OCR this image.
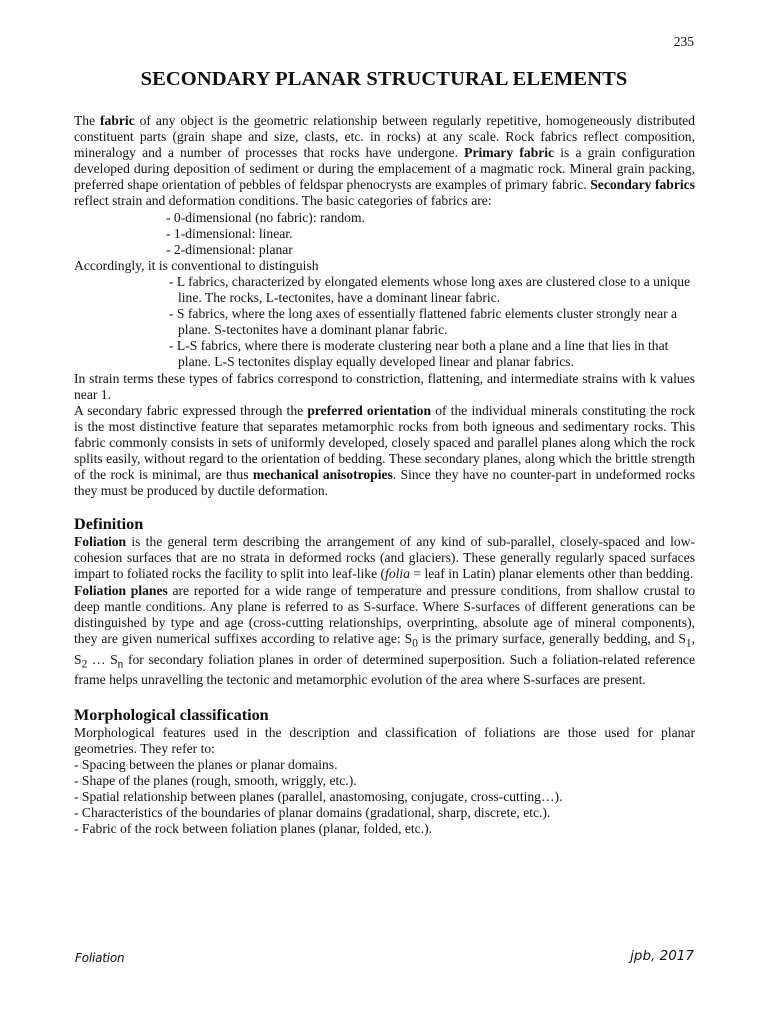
235
SECONDARY PLANAR STRUCTURAL ELEMENTS

The fabric of any object is the geometric relationship between regularly repetitive, homogeneously distributed constituent parts (grain shape and size, clasts, etc. in rocks) at any scale. Rock fabrics reflect composition, mineralogy and a number of processes that rocks have undergone. Primary fabric is a grain configuration developed during deposition of sediment or during the emplacement of a magmatic rock. Mineral grain packing, preferred shape orientation of pebbles of feldspar phenocrysts are examples of primary fabric. Secondary fabrics reflect strain and deformation conditions. The basic categories of fabrics are:

- 0-dimensional (no fabric): random.
- 1-dimensional: linear.
- 2-dimensional: planar

Accordingly, it is conventional to distinguish

- L fabrics, characterized by elongated elements whose long axes are clustered close to a unique line. The rocks, L-tectonites, have a dominant linear fabric.
- S fabrics, where the long axes of essentially flattened fabric elements cluster strongly near a plane. S-tectonites have a dominant planar fabric.
- L-S fabrics, where there is moderate clustering near both a plane and a line that lies in that plane. L-S tectonites display equally developed linear and planar fabrics.

In strain terms these types of fabrics correspond to constriction, flattening, and intermediate strains with k values near 1.

A secondary fabric expressed through the preferred orientation of the individual minerals constituting the rock is the most distinctive feature that separates metamorphic rocks from both igneous and sedimentary rocks. This fabric commonly consists in sets of uniformly developed, closely spaced and parallel planes along which the rock splits easily, without regard to the orientation of bedding. These secondary planes, along which the brittle strength of the rock is minimal, are thus mechanical anisotropies. Since they have no counter-part in undeformed rocks they must be produced by ductile deformation.

Definition

Foliation is the general term describing the arrangement of any kind of sub-parallel, closely-spaced and low-cohesion surfaces that are no strata in deformed rocks (and glaciers). These generally regularly spaced surfaces impart to foliated rocks the facility to split into leaf-like (folia = leaf in Latin) planar elements other than bedding.

Foliation planes are reported for a wide range of temperature and pressure conditions, from shallow crustal to deep mantle conditions. Any plane is referred to as S-surface. Where S-surfaces of different generations can be distinguished by type and age (cross-cutting relationships, overprinting, absolute age of mineral components), they are given numerical suffixes according to relative age: $S_0$ is the primary surface, generally bedding, and $S_1$, $S_2$ … $S_n$ for secondary foliation planes in order of determined superposition. Such a foliation-related reference frame helps unravelling the tectonic and metamorphic evolution of the area where S-surfaces are present.

Morphological classification

Morphological features used in the description and classification of foliations are those used for planar geometries. They refer to:

- Spacing between the planes or planar domains.
- Shape of the planes (rough, smooth, wriggly, etc.).
- Spatial relationship between planes (parallel, anastomosing, conjugate, cross-cutting…).
- Characteristics of the boundaries of planar domains (gradational, sharp, discrete, etc.).
- Fabric of the rock between foliation planes (planar, folded, etc.).
Foliation	jpb, 2017
